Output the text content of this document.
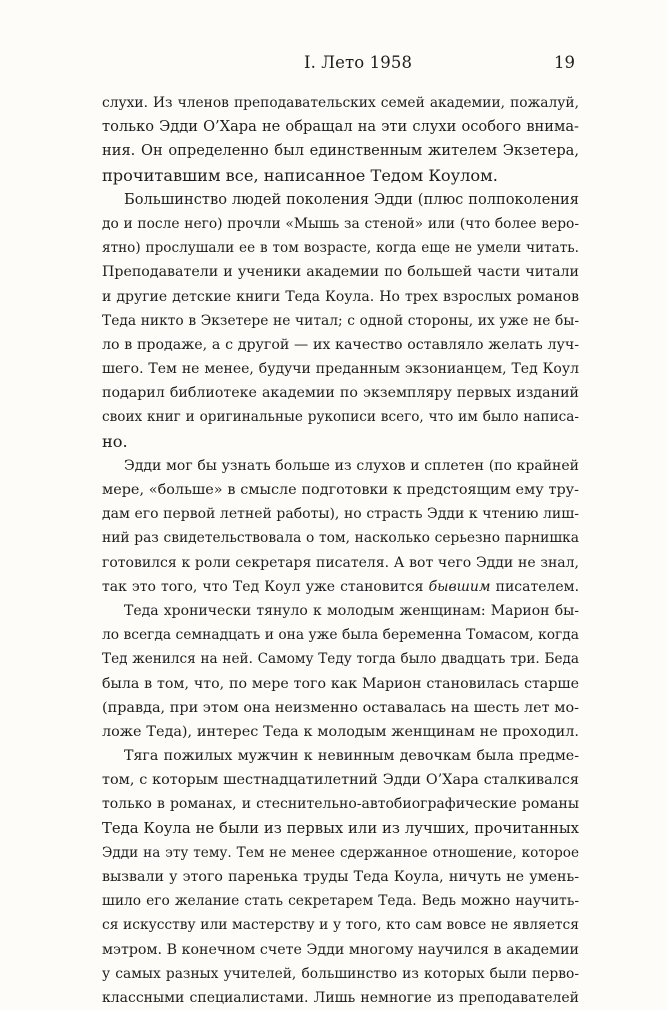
I. Лето 1958	19
слухи. Из членов преподавательских семей академии, пожалуй,
только Эдди О’Хара не обращал на эти слухи особого внима-
ния. Он определенно был единственным жителем Экзетера,
прочитавшим все, написанное Тедом Коулом.
Большинство людей поколения Эдди (плюс полпоколения
до и после него) прочли «Мышь за стеной» или (что более веро-
ятно) прослушали ее в том возрасте, когда еще не умели читать.
Преподаватели и ученики академии по большей части читали
и другие детские книги Теда Коула. Но трех взрослых романов
Теда никто в Экзетере не читал; с одной стороны, их уже не бы-
ло в продаже, а с другой — их качество оставляло желать луч-
шего. Тем не менее, будучи преданным экзонианцем, Тед Коул
подарил библиотеке академии по экземпляру первых изданий
своих книг и оригинальные рукописи всего, что им было написа-
но.
Эдди мог бы узнать больше из слухов и сплетен (по крайней
мере, «больше» в смысле подготовки к предстоящим ему тру-
дам его первой летней работы), но страсть Эдди к чтению лиш-
ний раз свидетельствовала о том, насколько серьезно парнишка
готовился к роли секретаря писателя. А вот чего Эдди не знал,
так это того, что Тед Коул уже становится бывшим писателем.
Теда хронически тянуло к молодым женщинам: Марион бы-
ло всегда семнадцать и она уже была беременна Томасом, когда
Тед женился на ней. Самому Теду тогда было двадцать три. Беда
была в том, что, по мере того как Марион становилась старше
(правда, при этом она неизменно оставалась на шесть лет мо-
ложе Теда), интерес Теда к молодым женщинам не проходил.
Тяга пожилых мужчин к невинным девочкам была предме-
том, с которым шестнадцатилетний Эдди О’Хара сталкивался
только в романах, и стеснительно-автобиографические романы
Теда Коула не были из первых или из лучших, прочитанных
Эдди на эту тему. Тем не менее сдержанное отношение, которое
вызвали у этого паренька труды Теда Коула, ничуть не умень-
шило его желание стать секретарем Теда. Ведь можно научить-
ся искусству или мастерству и у того, кто сам вовсе не является
мэтром. В конечном счете Эдди многому научился в академии
у самых разных учителей, большинство из которых были перво-
классными специалистами. Лишь немногие из преподавателей
